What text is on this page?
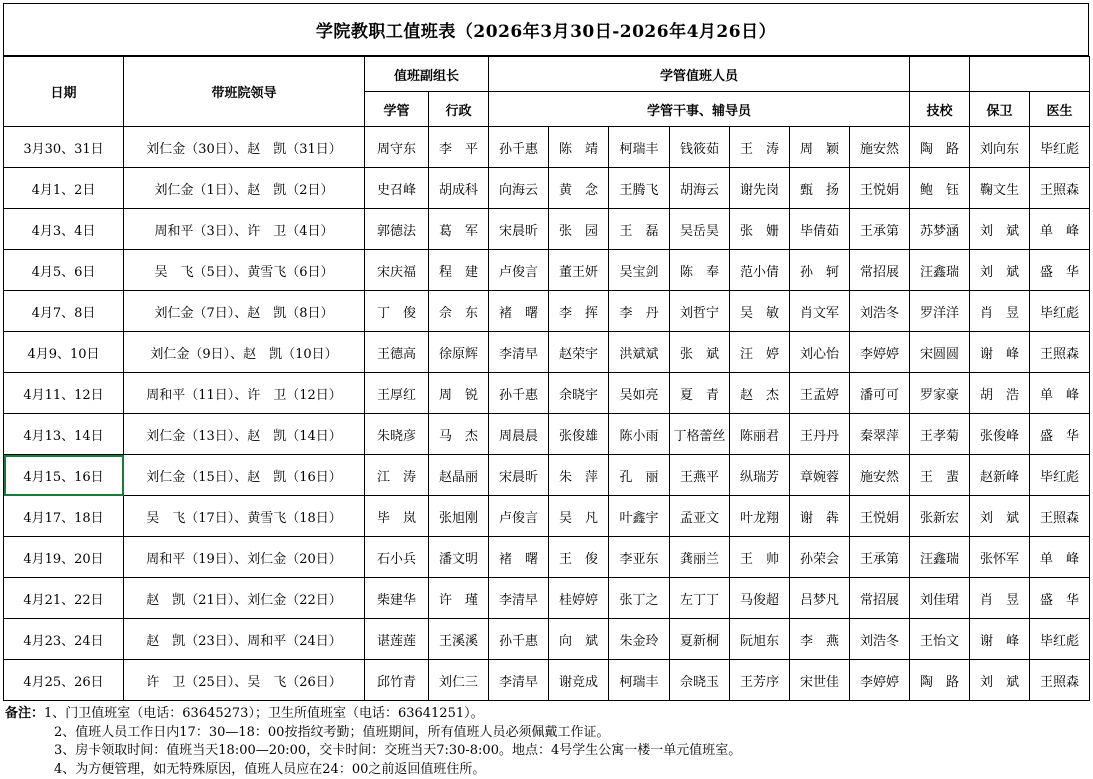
学院教职工值班表（2026年3月30日-2026年4月26日）
日期	带班院领导	值班副组长		学管值班人员									
		学管	行政	学管干事、辅导员							技校	保卫	医生
3月30、31日	刘仁金（30日）、赵　凯（31日）	周守东	李　平	孙千惠	陈　靖	柯瑞丰	钱筱茹	王　涛	周　颖	施安然	陶　路	刘向东	毕红彪
4月1、2日	刘仁金（1日）、赵　凯（2日）	史召峰	胡成科	向海云	黄　念	王腾飞	胡海云	谢先岗	甄　扬	王悦娟	鲍　钰	鞠文生	王照森
4月3、4日	周和平（3日）、许　卫（4日）	郭德法	葛　军	宋晨昕	张　园	王　磊	吴岳昊	张　姗	毕倩茹	王承第	苏梦涵	刘　斌	单　峰
4月5、6日	吴　飞（5日）、黄雪飞（6日）	宋庆福	程　建	卢俊言	董王妍	吴宝剑	陈　奉	范小倩	孙　轲	常招展	汪鑫瑞	刘　斌	盛　华
4月7、8日	刘仁金（7日）、赵　凯（8日）	丁　俊	佘　东	褚　曙	李　挥	李　丹	刘哲宁	吴　敏	肖文军	刘浩冬	罗洋洋	肖　昱	毕红彪
4月9、10日	刘仁金（9日）、赵　凯（10日）	王德高	徐原辉	李清早	赵荣宇	洪斌斌	张　斌	汪　婷	刘心怡	李婷婷	宋圆圆	谢　峰	王照森
4月11、12日	周和平（11日）、许　卫（12日）	王厚红	周　锐	孙千惠	余晓宇	吴如亮	夏　青	赵　杰	王孟婷	潘可可	罗家豪	胡　浩	单　峰
4月13、14日	刘仁金（13日）、赵　凯（14日）	朱晓彦	马　杰	周晨晨	张俊雄	陈小雨	丁格蕾丝	陈丽君	王丹丹	秦翠萍	王孝菊	张俊峰	盛　华
4月15、16日	刘仁金（15日）、赵　凯（16日）	江　涛	赵晶丽	宋晨昕	朱　萍	孔　丽	王燕平	纵瑞芳	章婉蓉	施安然	王　蜚	赵新峰	毕红彪
4月17、18日	吴　飞（17日）、黄雪飞（18日）	毕　岚	张旭刚	卢俊言	吴　凡	叶鑫宇	孟亚文	叶龙翔	谢　犇	王悦娟	张新宏	刘　斌	王照森
4月19、20日	周和平（19日）、刘仁金（20日）	石小兵	潘文明	褚　曙	王　俊	李亚东	龚丽兰	王　帅	孙荣会	王承第	汪鑫瑞	张怀军	单　峰
4月21、22日	赵　凯（21日）、刘仁金（22日）	柴建华	许　瑾	李清早	桂婷婷	张丁之	左丁丁	马俊超	吕梦凡	常招展	刘佳珺	肖　昱	盛　华
4月23、24日	赵　凯（23日）、周和平（24日）	谌莲莲	王溪溪	孙千惠	向　斌	朱金玲	夏新桐	阮旭东	李　燕	刘浩冬	王怡文	谢　峰	毕红彪
4月25、26日	许　卫（25日）、吴　飞（26日）	邱竹青	刘仁三	李清早	谢竞成	柯瑞丰	佘晓玉	王芳序	宋世佳	李婷婷	陶　路	刘　斌	王照森
备注：1、门卫值班室（电话：63645273）；卫生所值班室（电话：63641251）。
2、值班人员工作日内17：30—18：00按指纹考勤；值班期间，所有值班人员必须佩戴工作证。
3、房卡领取时间：值班当天18:00—20:00，交卡时间：交班当天7:30-8:00。地点：4号学生公寓一楼一单元值班室。
4、为方便管理，如无特殊原因，值班人员应在24：00之前返回值班住所。
